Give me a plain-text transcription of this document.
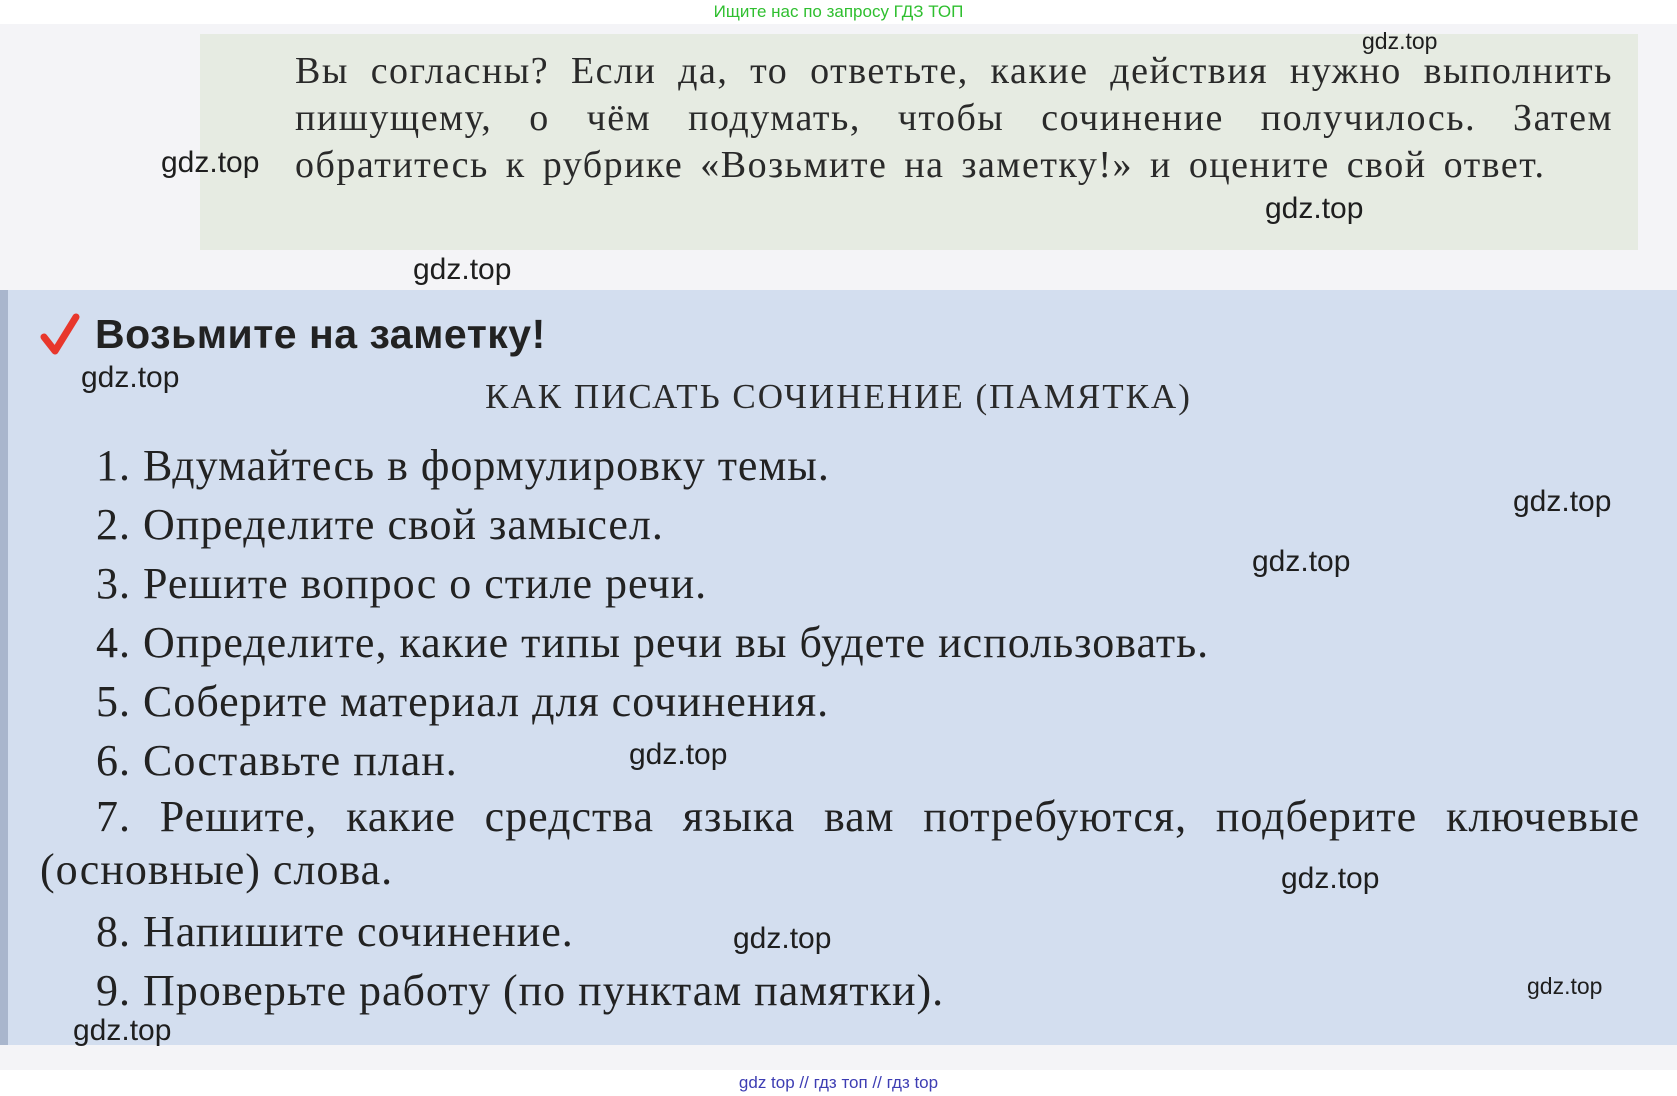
Ищите нас по запросу ГДЗ ТОП

Вы согласны? Если да, то ответьте, какие действия нужно выполнить пишущему, о чём подумать, чтобы сочинение получилось. Затем обратитесь к рубрике «Возьмите на заметку!» и оцените свой ответ.

Возьмите на заметку!

КАК ПИСАТЬ СОЧИНЕНИЕ (ПАМЯТКА)

1. Вдумайтесь в формулировку темы.
2. Определите свой замысел.
3. Решите вопрос о стиле речи.
4. Определите, какие типы речи вы будете использовать.
5. Соберите материал для сочинения.
6. Составьте план.
7. Решите, какие средства языка вам потребуются, подберите ключевые (основные) слова.
8. Напишите сочинение.
9. Проверьте работу (по пунктам памятки).
gdz.top
gdz.top
gdz.top
gdz.top
gdz.top
gdz.top
gdz.top
gdz.top
gdz.top
gdz.top
gdz.top
gdz.top
gdz top // гдз топ // гдз top
